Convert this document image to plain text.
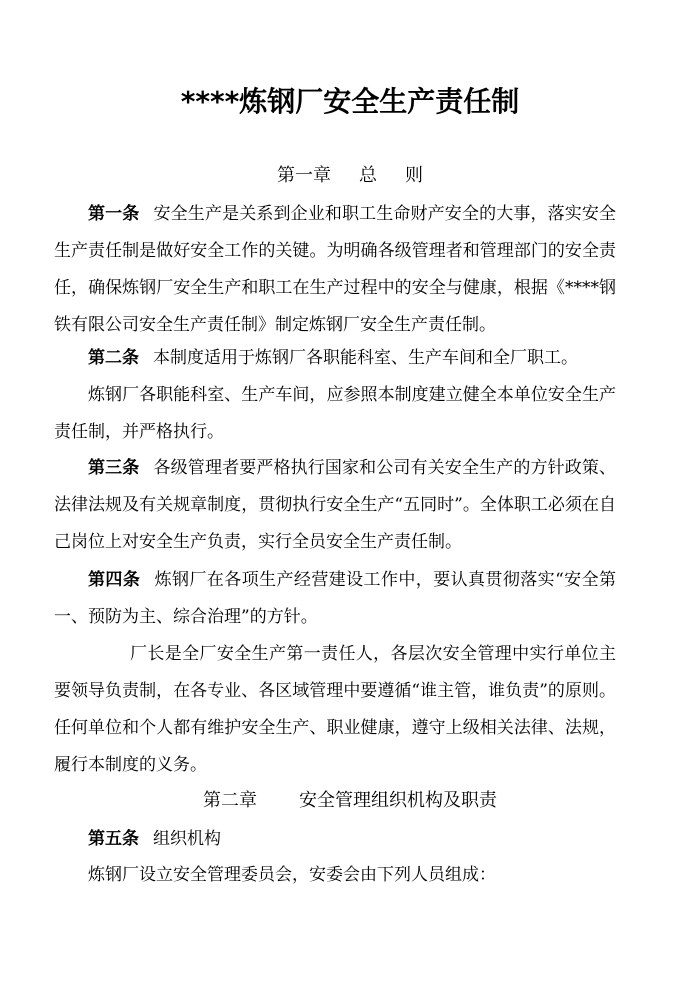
****炼钢厂安全生产责任制
第一章 总 则
第一条 安全生产是关系到企业和职工生命财产安全的大事，落实安全生产责任制是做好安全工作的关键。为明确各级管理者和管理部门的安全责任，确保炼钢厂安全生产和职工在生产过程中的安全与健康，根据《****钢铁有限公司安全生产责任制》制定炼钢厂安全生产责任制。
第二条 本制度适用于炼钢厂各职能科室、生产车间和全厂职工。
炼钢厂各职能科室、生产车间，应参照本制度建立健全本单位安全生产责任制，并严格执行。
第三条 各级管理者要严格执行国家和公司有关安全生产的方针政策、法律法规及有关规章制度，贯彻执行安全生产“五同时”。全体职工必须在自己岗位上对安全生产负责，实行全员安全生产责任制。
第四条 炼钢厂在各项生产经营建设工作中，要认真贯彻落实“安全第一、预防为主、综合治理”的方针。
厂长是全厂安全生产第一责任人，各层次安全管理中实行单位主要领导负责制，在各专业、各区域管理中要遵循“谁主管，谁负责”的原则。任何单位和个人都有维护安全生产、职业健康，遵守上级相关法律、法规，履行本制度的义务。
第二章 安全管理组织机构及职责
第五条 组织机构
炼钢厂设立安全管理委员会，安委会由下列人员组成：
